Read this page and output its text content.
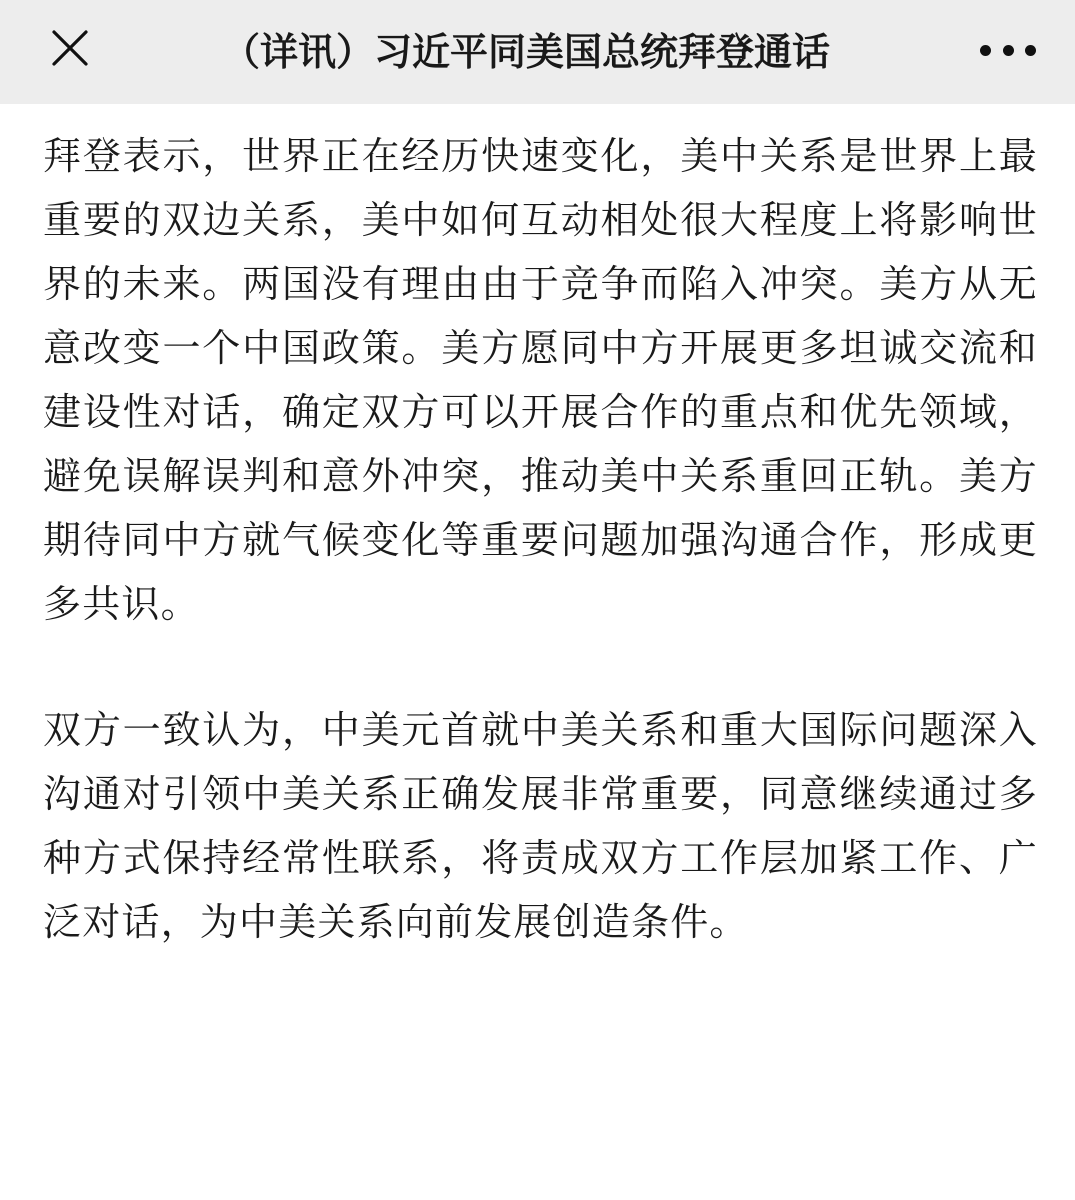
（详讯）习近平同美国总统拜登通话

拜登表示，世界正在经历快速变化，美中关系是世界上最重要的双边关系，美中如何互动相处很大程度上将影响世界的未来。两国没有理由由于竞争而陷入冲突。美方从无意改变一个中国政策。美方愿同中方开展更多坦诚交流和建设性对话，确定双方可以开展合作的重点和优先领域，避免误解误判和意外冲突，推动美中关系重回正轨。美方期待同中方就气候变化等重要问题加强沟通合作，形成更多共识。

双方一致认为，中美元首就中美关系和重大国际问题深入沟通对引领中美关系正确发展非常重要，同意继续通过多种方式保持经常性联系，将责成双方工作层加紧工作、广泛对话，为中美关系向前发展创造条件。
